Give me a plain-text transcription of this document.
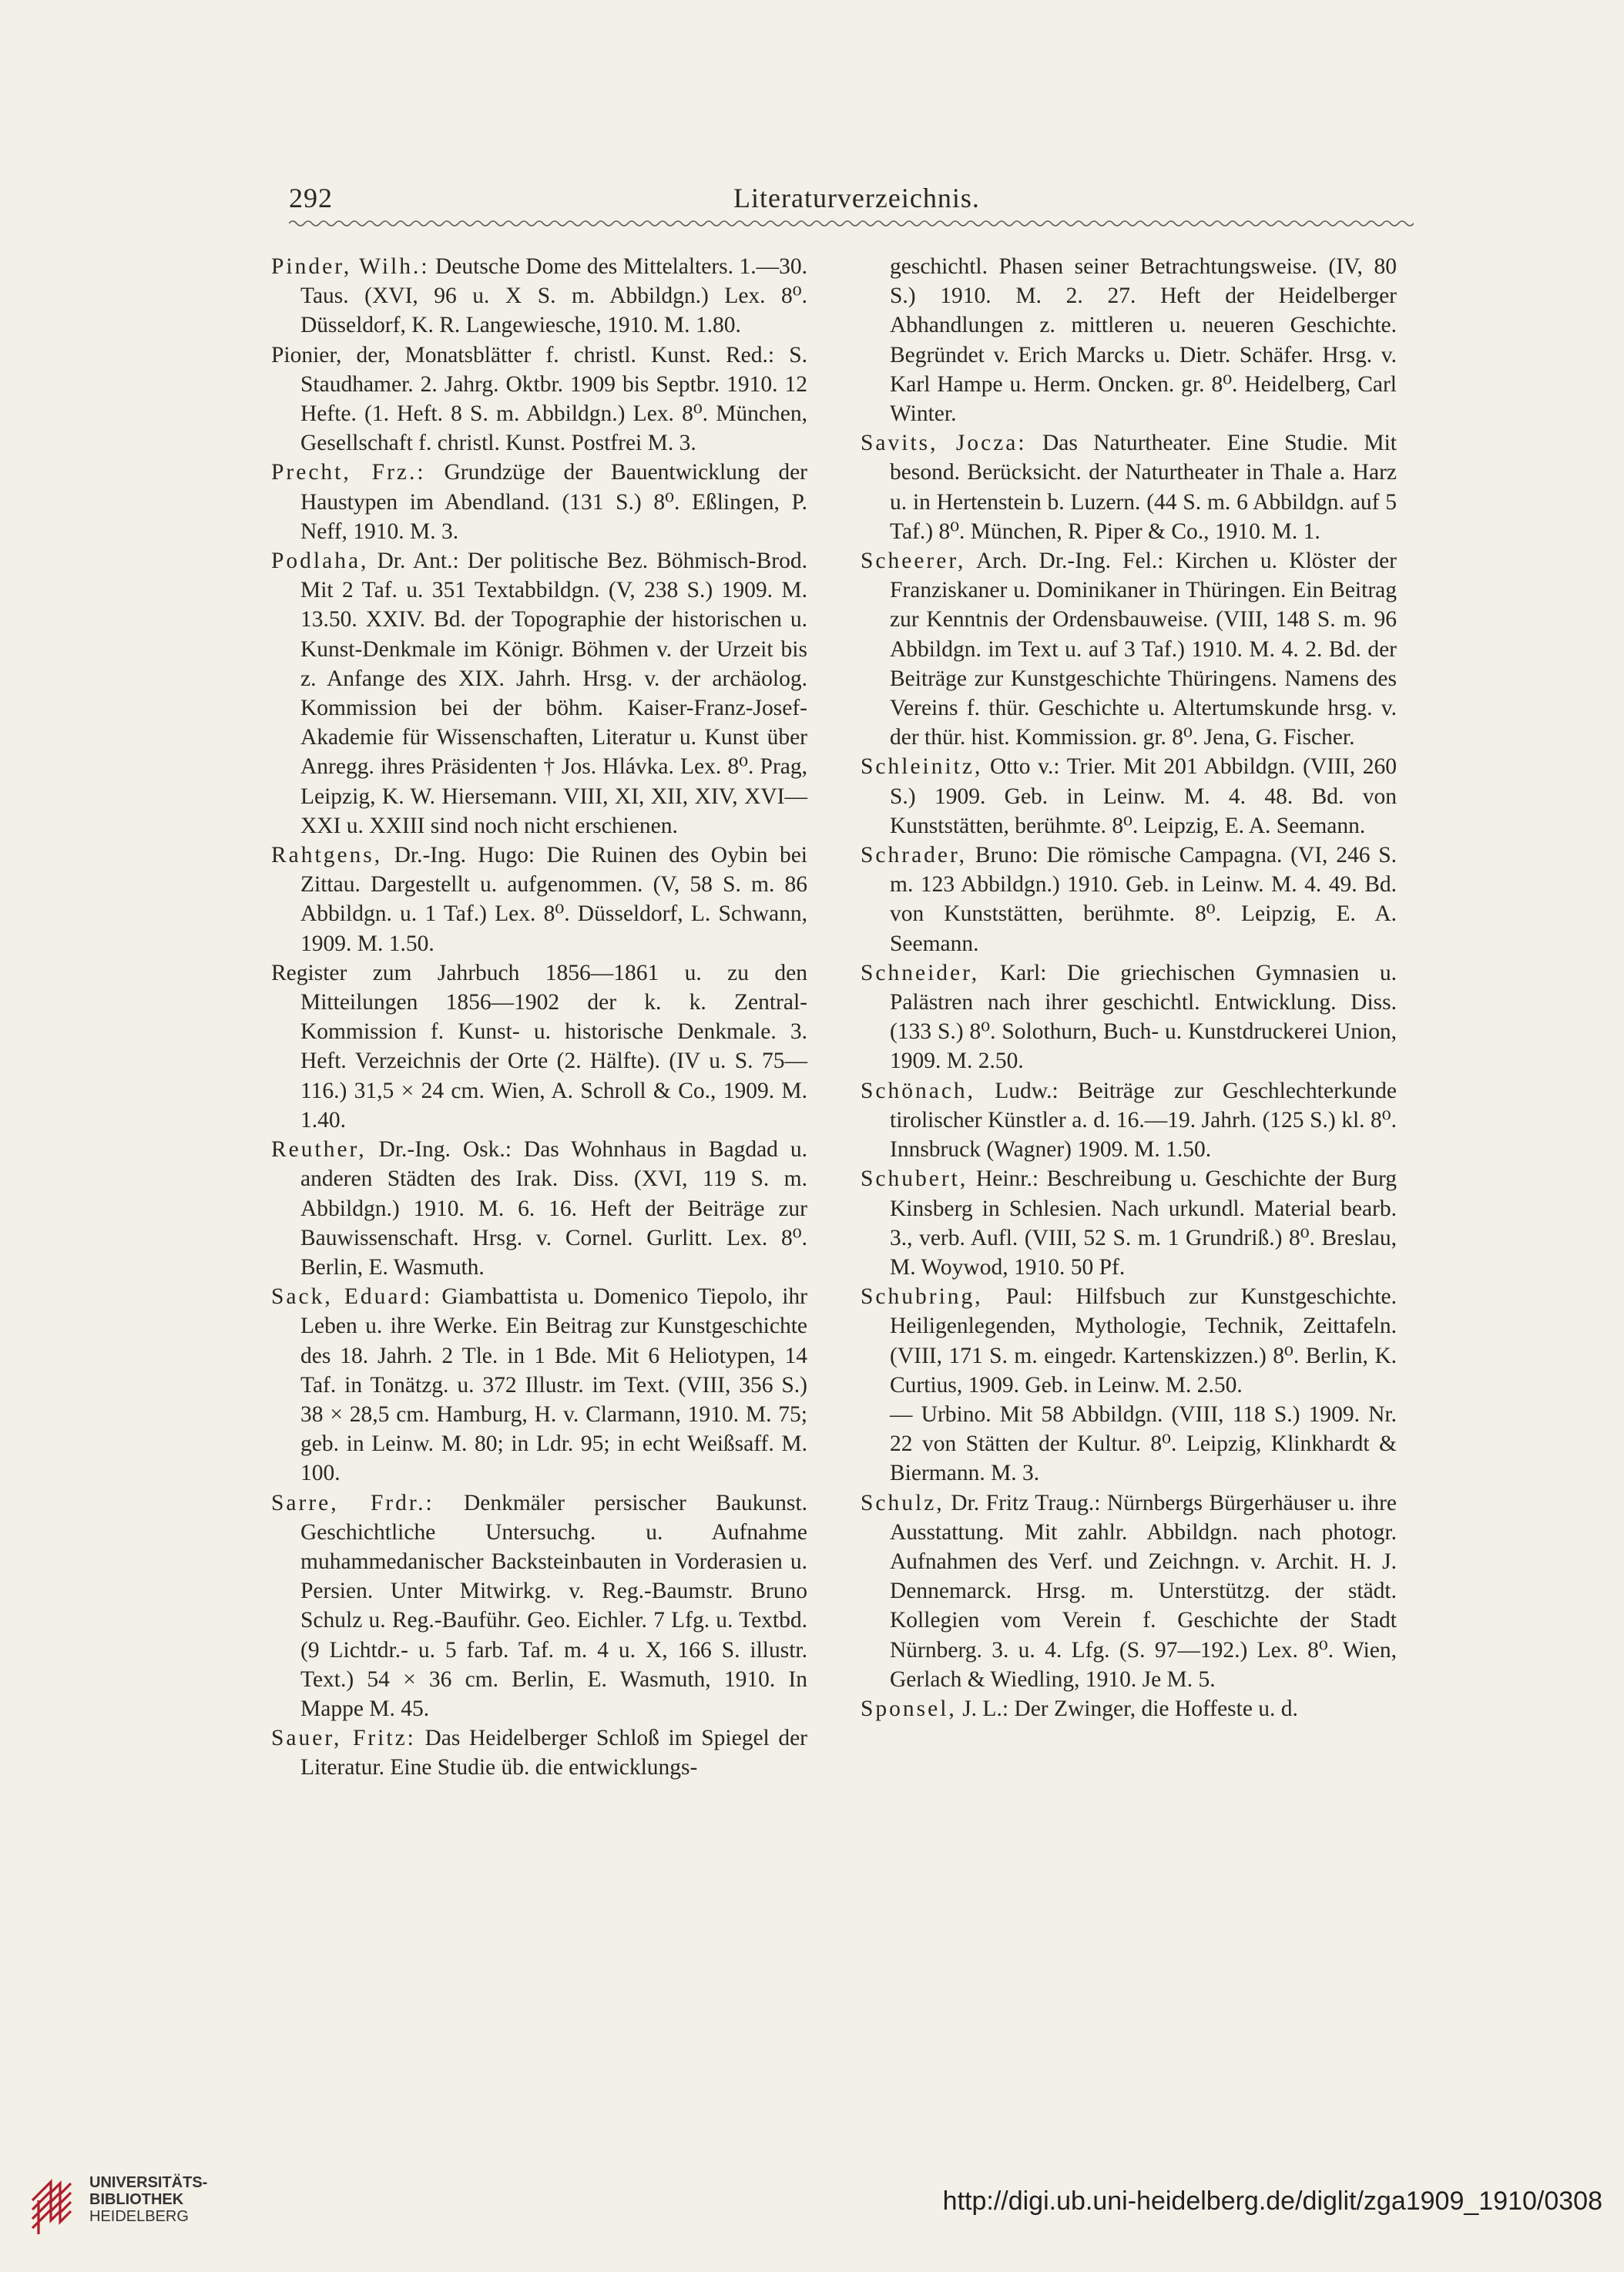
292	Literaturverzeichnis.

Pinder, Wilh.: Deutsche Dome des Mittelalters. 1.—30. Taus. (XVI, 96 u. X S. m. Abbildgn.) Lex. 8⁰. Düsseldorf, K. R. Langewiesche, 1910. M. 1.80.

Pionier, der, Monatsblätter f. christl. Kunst. Red.: S. Staudhamer. 2. Jahrg. Oktbr. 1909 bis Septbr. 1910. 12 Hefte. (1. Heft. 8 S. m. Abbildgn.) Lex. 8⁰. München, Gesellschaft f. christl. Kunst. Postfrei M. 3.

Precht, Frz.: Grundzüge der Bauentwicklung der Haustypen im Abendland. (131 S.) 8⁰. Eßlingen, P. Neff, 1910. M. 3.

Podlaha, Dr. Ant.: Der politische Bez. Böhmisch-Brod. Mit 2 Taf. u. 351 Textabbildgn. (V, 238 S.) 1909. M. 13.50. XXIV. Bd. der Topographie der historischen u. Kunst-Denkmale im Königr. Böhmen v. der Urzeit bis z. Anfange des XIX. Jahrh. Hrsg. v. der archäolog. Kommission bei der böhm. Kaiser-Franz-Josef-Akademie für Wissenschaften, Literatur u. Kunst über Anregg. ihres Präsidenten † Jos. Hlávka. Lex. 8⁰. Prag, Leipzig, K. W. Hiersemann. VIII, XI, XII, XIV, XVI—XXI u. XXIII sind noch nicht erschienen.

Rahtgens, Dr.-Ing. Hugo: Die Ruinen des Oybin bei Zittau. Dargestellt u. aufgenommen. (V, 58 S. m. 86 Abbildgn. u. 1 Taf.) Lex. 8⁰. Düsseldorf, L. Schwann, 1909. M. 1.50.

Register zum Jahrbuch 1856—1861 u. zu den Mitteilungen 1856—1902 der k. k. Zentral-Kommission f. Kunst- u. historische Denkmale. 3. Heft. Verzeichnis der Orte (2. Hälfte). (IV u. S. 75—116.) 31,5 × 24 cm. Wien, A. Schroll & Co., 1909. M. 1.40.

Reuther, Dr.-Ing. Osk.: Das Wohnhaus in Bagdad u. anderen Städten des Irak. Diss. (XVI, 119 S. m. Abbildgn.) 1910. M. 6. 16. Heft der Beiträge zur Bauwissenschaft. Hrsg. v. Cornel. Gurlitt. Lex. 8⁰. Berlin, E. Wasmuth.

Sack, Eduard: Giambattista u. Domenico Tiepolo, ihr Leben u. ihre Werke. Ein Beitrag zur Kunstgeschichte des 18. Jahrh. 2 Tle. in 1 Bde. Mit 6 Heliotypen, 14 Taf. in Tonätzg. u. 372 Illustr. im Text. (VIII, 356 S.) 38 × 28,5 cm. Hamburg, H. v. Clarmann, 1910. M. 75; geb. in Leinw. M. 80; in Ldr. 95; in echt Weißsaff. M. 100.

Sarre, Frdr.: Denkmäler persischer Baukunst. Geschichtliche Untersuchg. u. Aufnahme muhammedanischer Backsteinbauten in Vorderasien u. Persien. Unter Mitwirkg. v. Reg.-Baumstr. Bruno Schulz u. Reg.-Bauführ. Geo. Eichler. 7 Lfg. u. Textbd. (9 Lichtdr.- u. 5 farb. Taf. m. 4 u. X, 166 S. illustr. Text.) 54 × 36 cm. Berlin, E. Wasmuth, 1910. In Mappe M. 45.

Sauer, Fritz: Das Heidelberger Schloß im Spiegel der Literatur. Eine Studie üb. die entwicklungs-

geschichtl. Phasen seiner Betrachtungsweise. (IV, 80 S.) 1910. M. 2. 27. Heft der Heidelberger Abhandlungen z. mittleren u. neueren Geschichte. Begründet v. Erich Marcks u. Dietr. Schäfer. Hrsg. v. Karl Hampe u. Herm. Oncken. gr. 8⁰. Heidelberg, Carl Winter.

Savits, Jocza: Das Naturtheater. Eine Studie. Mit besond. Berücksicht. der Naturtheater in Thale a. Harz u. in Hertenstein b. Luzern. (44 S. m. 6 Abbildgn. auf 5 Taf.) 8⁰. München, R. Piper & Co., 1910. M. 1.

Scheerer, Arch. Dr.-Ing. Fel.: Kirchen u. Klöster der Franziskaner u. Dominikaner in Thüringen. Ein Beitrag zur Kenntnis der Ordensbauweise. (VIII, 148 S. m. 96 Abbildgn. im Text u. auf 3 Taf.) 1910. M. 4. 2. Bd. der Beiträge zur Kunstgeschichte Thüringens. Namens des Vereins f. thür. Geschichte u. Altertumskunde hrsg. v. der thür. hist. Kommission. gr. 8⁰. Jena, G. Fischer.

Schleinitz, Otto v.: Trier. Mit 201 Abbildgn. (VIII, 260 S.) 1909. Geb. in Leinw. M. 4. 48. Bd. von Kunststätten, berühmte. 8⁰. Leipzig, E. A. Seemann.

Schrader, Bruno: Die römische Campagna. (VI, 246 S. m. 123 Abbildgn.) 1910. Geb. in Leinw. M. 4. 49. Bd. von Kunststätten, berühmte. 8⁰. Leipzig, E. A. Seemann.

Schneider, Karl: Die griechischen Gymnasien u. Palästren nach ihrer geschichtl. Entwicklung. Diss. (133 S.) 8⁰. Solothurn, Buch- u. Kunstdruckerei Union, 1909. M. 2.50.

Schönach, Ludw.: Beiträge zur Geschlechterkunde tirolischer Künstler a. d. 16.—19. Jahrh. (125 S.) kl. 8⁰. Innsbruck (Wagner) 1909. M. 1.50.

Schubert, Heinr.: Beschreibung u. Geschichte der Burg Kinsberg in Schlesien. Nach urkundl. Material bearb. 3., verb. Aufl. (VIII, 52 S. m. 1 Grundriß.) 8⁰. Breslau, M. Woywod, 1910. 50 Pf.

Schubring, Paul: Hilfsbuch zur Kunstgeschichte. Heiligenlegenden, Mythologie, Technik, Zeittafeln. (VIII, 171 S. m. eingedr. Kartenskizzen.) 8⁰. Berlin, K. Curtius, 1909. Geb. in Leinw. M. 2.50.

— Urbino. Mit 58 Abbildgn. (VIII, 118 S.) 1909. Nr. 22 von Stätten der Kultur. 8⁰. Leipzig, Klinkhardt & Biermann. M. 3.

Schulz, Dr. Fritz Traug.: Nürnbergs Bürgerhäuser u. ihre Ausstattung. Mit zahlr. Abbildgn. nach photogr. Aufnahmen des Verf. und Zeichngn. v. Archit. H. J. Dennemarck. Hrsg. m. Unterstützg. der städt. Kollegien vom Verein f. Geschichte der Stadt Nürnberg. 3. u. 4. Lfg. (S. 97—192.) Lex. 8⁰. Wien, Gerlach & Wiedling, 1910. Je M. 5.

Sponsel, J. L.: Der Zwinger, die Hoffeste u. d.

UNIVERSITÄTS-
BIBLIOTHEK
HEIDELBERG
http://digi.ub.uni-heidelberg.de/diglit/zga1909_1910/0308
